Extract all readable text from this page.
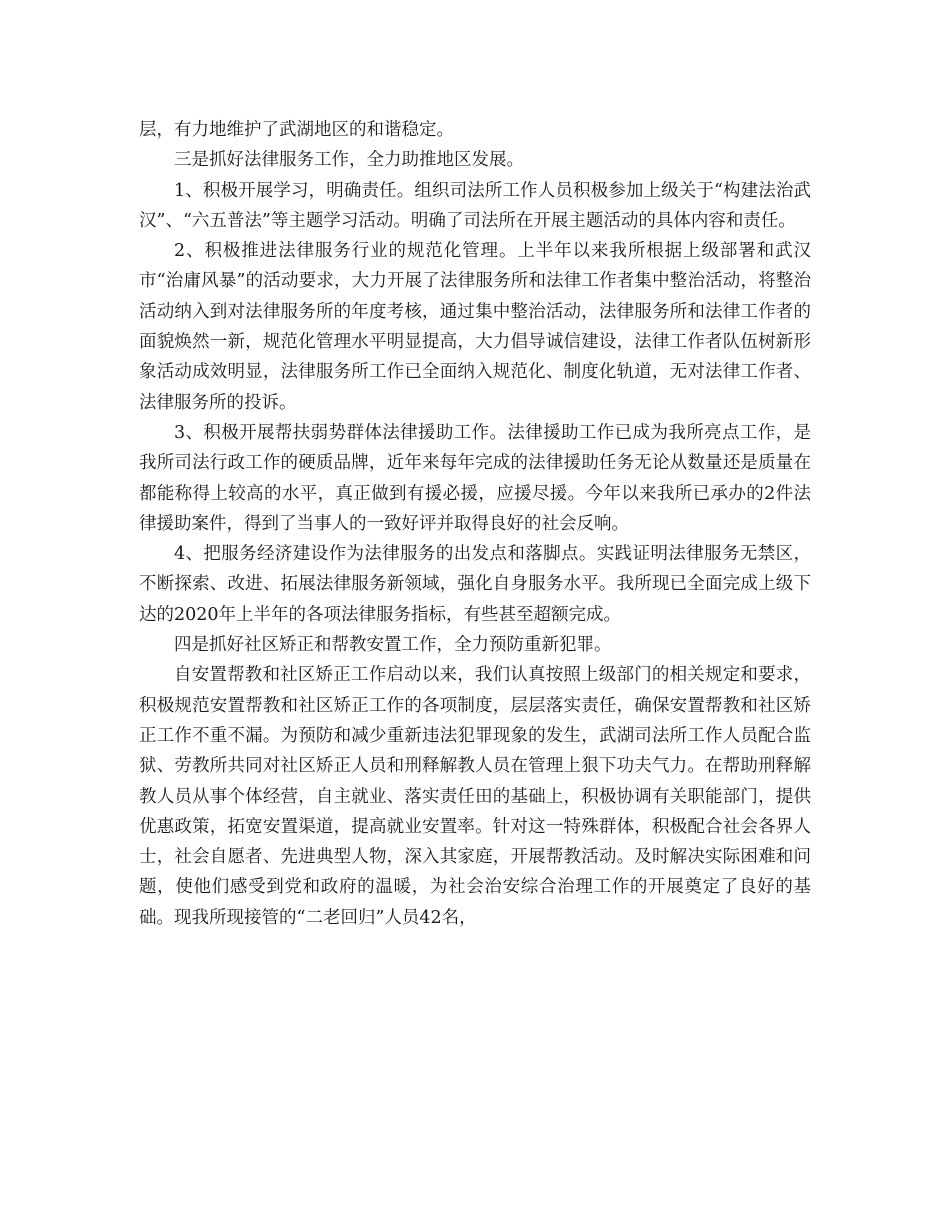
层，有力地维护了武湖地区的和谐稳定。

三是抓好法律服务工作，全力助推地区发展。

1、积极开展学习，明确责任。组织司法所工作人员积极参加上级关于“构建法治武汉”、“六五普法”等主题学习活动。明确了司法所在开展主题活动的具体内容和责任。

2、积极推进法律服务行业的规范化管理。上半年以来我所根据上级部署和武汉市“治庸风暴”的活动要求，大力开展了法律服务所和法律工作者集中整治活动，将整治活动纳入到对法律服务所的年度考核，通过集中整治活动，法律服务所和法律工作者的面貌焕然一新，规范化管理水平明显提高，大力倡导诚信建设，法律工作者队伍树新形象活动成效明显，法律服务所工作已全面纳入规范化、制度化轨道，无对法律工作者、法律服务所的投诉。

3、积极开展帮扶弱势群体法律援助工作。法律援助工作已成为我所亮点工作，是我所司法行政工作的硬质品牌，近年来每年完成的法律援助任务无论从数量还是质量在都能称得上较高的水平，真正做到有援必援，应援尽援。今年以来我所已承办的2件法律援助案件，得到了当事人的一致好评并取得良好的社会反响。

4、把服务经济建设作为法律服务的出发点和落脚点。实践证明法律服务无禁区，不断探索、改进、拓展法律服务新领域，强化自身服务水平。我所现已全面完成上级下达的2020年上半年的各项法律服务指标，有些甚至超额完成。

四是抓好社区矫正和帮教安置工作，全力预防重新犯罪。

自安置帮教和社区矫正工作启动以来，我们认真按照上级部门的相关规定和要求，积极规范安置帮教和社区矫正工作的各项制度，层层落实责任，确保安置帮教和社区矫正工作不重不漏。为预防和减少重新违法犯罪现象的发生，武湖司法所工作人员配合监狱、劳教所共同对社区矫正人员和刑释解教人员在管理上狠下功夫气力。在帮助刑释解教人员从事个体经营，自主就业、落实责任田的基础上，积极协调有关职能部门，提供优惠政策，拓宽安置渠道，提高就业安置率。针对这一特殊群体，积极配合社会各界人士，社会自愿者、先进典型人物，深入其家庭，开展帮教活动。及时解决实际困难和问题，使他们感受到党和政府的温暖，为社会治安综合治理工作的开展奠定了良好的基础。现我所现接管的“二老回归”人员42名，
